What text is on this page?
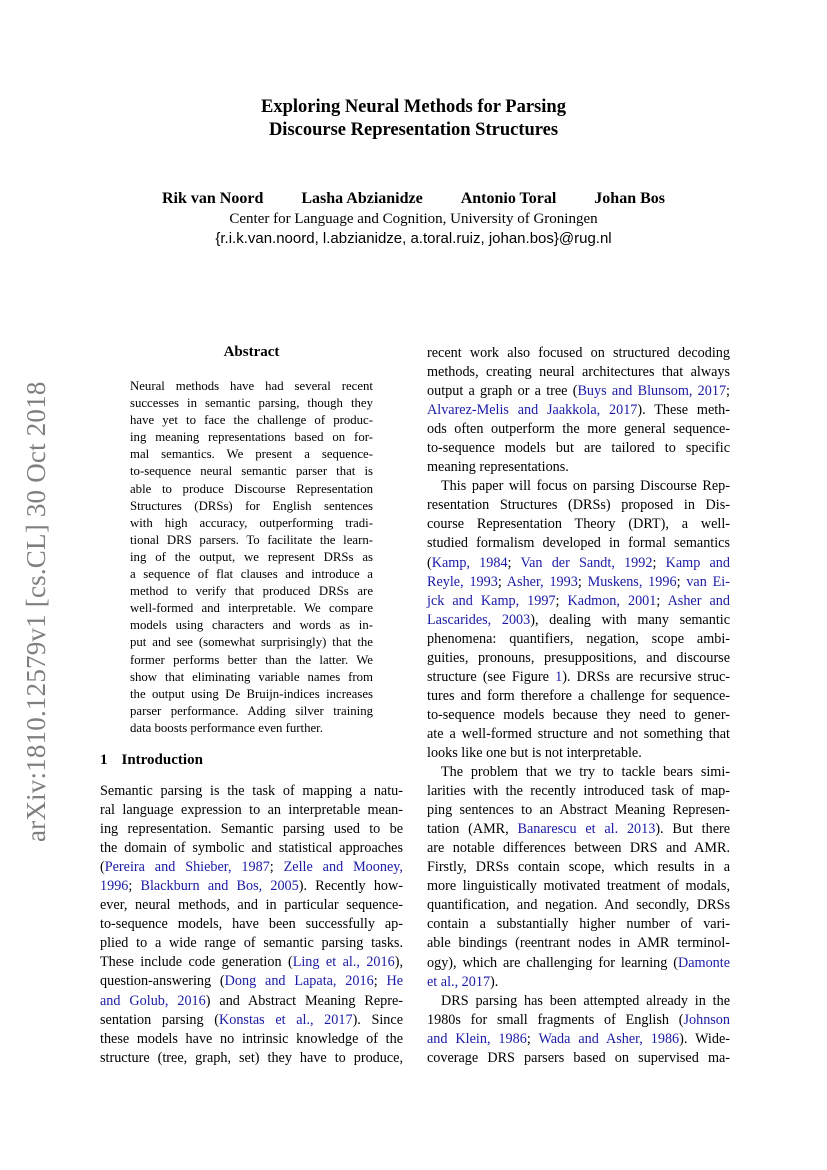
arXiv:1810.12579v1 [cs.CL] 30 Oct 2018
Exploring Neural Methods for Parsing
Discourse Representation Structures
Rik van Noord Lasha Abzianidze Antonio Toral Johan Bos
Center for Language and Cognition, University of Groningen
{r.i.k.van.noord, l.abzianidze, a.toral.ruiz, johan.bos}@rug.nl
Abstract
Neural methods have had several recent
successes in semantic parsing, though they
have yet to face the challenge of produc-
ing meaning representations based on for-
mal semantics. We present a sequence-
to-sequence neural semantic parser that is
able to produce Discourse Representation
Structures (DRSs) for English sentences
with high accuracy, outperforming tradi-
tional DRS parsers. To facilitate the learn-
ing of the output, we represent DRSs as
a sequence of flat clauses and introduce a
method to verify that produced DRSs are
well-formed and interpretable. We compare
models using characters and words as in-
put and see (somewhat surprisingly) that the
former performs better than the latter. We
show that eliminating variable names from
the output using De Bruijn-indices increases
parser performance. Adding silver training
data boosts performance even further.
1 Introduction
Semantic parsing is the task of mapping a natu-
ral language expression to an interpretable mean-
ing representation. Semantic parsing used to be
the domain of symbolic and statistical approaches
(Pereira and Shieber, 1987; Zelle and Mooney,
1996; Blackburn and Bos, 2005). Recently how-
ever, neural methods, and in particular sequence-
to-sequence models, have been successfully ap-
plied to a wide range of semantic parsing tasks.
These include code generation (Ling et al., 2016),
question-answering (Dong and Lapata, 2016; He
and Golub, 2016) and Abstract Meaning Repre-
sentation parsing (Konstas et al., 2017). Since
these models have no intrinsic knowledge of the
structure (tree, graph, set) they have to produce,
recent work also focused on structured decoding
methods, creating neural architectures that always
output a graph or a tree (Buys and Blunsom, 2017;
Alvarez-Melis and Jaakkola, 2017). These meth-
ods often outperform the more general sequence-
to-sequence models but are tailored to specific
meaning representations.
This paper will focus on parsing Discourse Rep-
resentation Structures (DRSs) proposed in Dis-
course Representation Theory (DRT), a well-
studied formalism developed in formal semantics
(Kamp, 1984; Van der Sandt, 1992; Kamp and
Reyle, 1993; Asher, 1993; Muskens, 1996; van Ei-
jck and Kamp, 1997; Kadmon, 2001; Asher and
Lascarides, 2003), dealing with many semantic
phenomena: quantifiers, negation, scope ambi-
guities, pronouns, presuppositions, and discourse
structure (see Figure 1). DRSs are recursive struc-
tures and form therefore a challenge for sequence-
to-sequence models because they need to gener-
ate a well-formed structure and not something that
looks like one but is not interpretable.
The problem that we try to tackle bears simi-
larities with the recently introduced task of map-
ping sentences to an Abstract Meaning Represen-
tation (AMR, Banarescu et al. 2013). But there
are notable differences between DRS and AMR.
Firstly, DRSs contain scope, which results in a
more linguistically motivated treatment of modals,
quantification, and negation. And secondly, DRSs
contain a substantially higher number of vari-
able bindings (reentrant nodes in AMR terminol-
ogy), which are challenging for learning (Damonte
et al., 2017).
DRS parsing has been attempted already in the
1980s for small fragments of English (Johnson
and Klein, 1986; Wada and Asher, 1986). Wide-
coverage DRS parsers based on supervised ma-
